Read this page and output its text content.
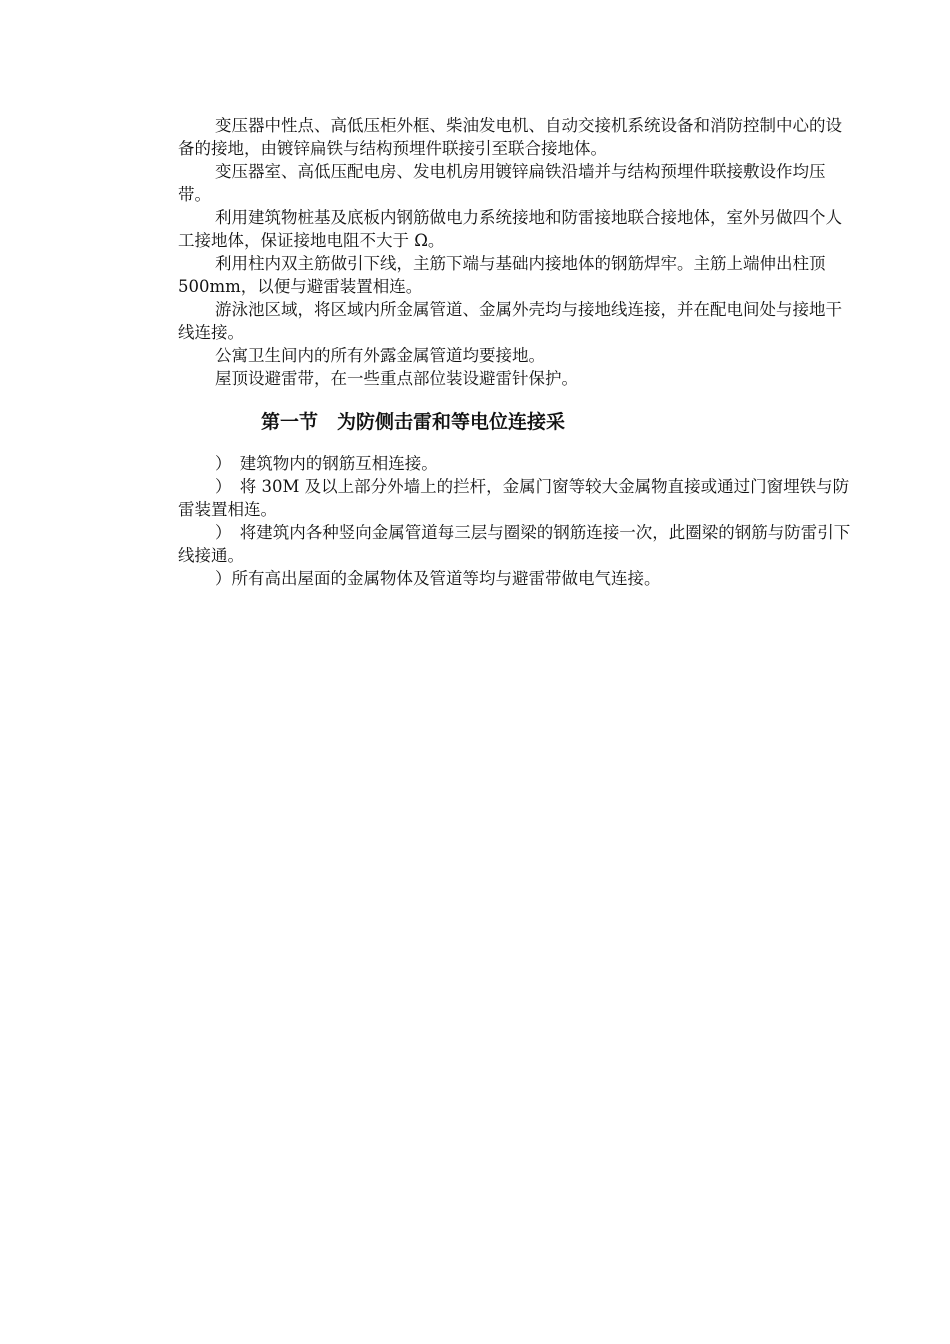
变压器中性点、高低压柜外框、柴油发电机、自动交接机系统设备和消防控制中心的设备的接地，由镀锌扁铁与结构预埋件联接引至联合接地体。

变压器室、高低压配电房、发电机房用镀锌扁铁沿墙并与结构预埋件联接敷设作均压带。

利用建筑物桩基及底板内钢筋做电力系统接地和防雷接地联合接地体，室外另做四个人工接地体，保证接地电阻不大于 Ω。

利用柱内双主筋做引下线，主筋下端与基础内接地体的钢筋焊牢。主筋上端伸出柱顶500mm，以便与避雷装置相连。

游泳池区域，将区域内所金属管道、金属外壳均与接地线连接，并在配电间处与接地干线连接。

公寓卫生间内的所有外露金属管道均要接地。

屋顶设避雷带，在一些重点部位装设避雷针保护。

第一节　为防侧击雷和等电位连接采

）　建筑物内的钢筋互相连接。

）　将 30M 及以上部分外墙上的拦杆，金属门窗等较大金属物直接或通过门窗埋铁与防雷装置相连。

）　将建筑内各种竖向金属管道每三层与圈梁的钢筋连接一次，此圈梁的钢筋与防雷引下线接通。

）所有高出屋面的金属物体及管道等均与避雷带做电气连接。
